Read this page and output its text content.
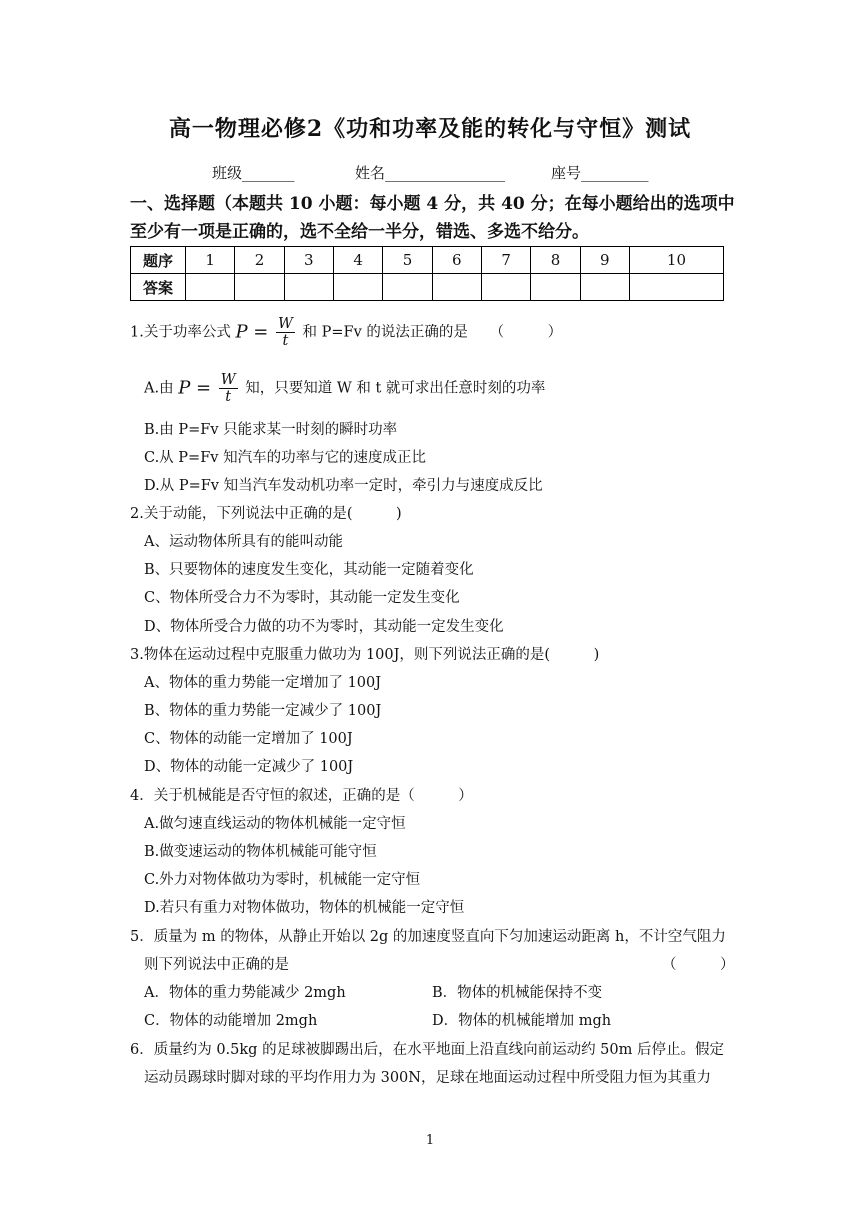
高一物理必修2《功和功率及能的转化与守恒》测试
班级_______	姓名________________	座号_________
一、选择题（本题共 10 小题：每小题 4 分，共 40 分；在每小题给出的选项中
至少有一项是正确的，选不全给一半分，错选、多选不给分。
题序	1	2	3	4	5	6	7	8	9	10
答案										
1.关于功率公式 $P = \frac{W}{t}$ 和 P=Fv 的说法正确的是　　（　　　）
A.由 $P = \frac{W}{t}$ 知，只要知道 W 和 t 就可求出任意时刻的功率
B.由 P=Fv 只能求某一时刻的瞬时功率
C.从 P=Fv 知汽车的功率与它的速度成正比
D.从 P=Fv 知当汽车发动机功率一定时，牵引力与速度成反比
2.关于动能，下列说法中正确的是(　　　)
A、运动物体所具有的能叫动能
B、只要物体的速度发生变化，其动能一定随着变化
C、物体所受合力不为零时，其动能一定发生变化
D、物体所受合力做的功不为零时，其动能一定发生变化
3.物体在运动过程中克服重力做功为 100J，则下列说法正确的是(　　　)
A、物体的重力势能一定增加了 100J
B、物体的重力势能一定减少了 100J
C、物体的动能一定增加了 100J
D、物体的动能一定减少了 100J
4．关于机械能是否守恒的叙述，正确的是（　　　）
A.做匀速直线运动的物体机械能一定守恒
B.做变速运动的物体机械能可能守恒
C.外力对物体做功为零时，机械能一定守恒
D.若只有重力对物体做功，物体的机械能一定守恒
5．质量为 m 的物体，从静止开始以 2g 的加速度竖直向下匀加速运动距离 h，不计空气阻力
则下列说法中正确的是	（　　　）
A．物体的重力势能减少 2mgh	B．物体的机械能保持不变
C．物体的动能增加 2mgh	D．物体的机械能增加 mgh
6．质量约为 0.5kg 的足球被脚踢出后，在水平地面上沿直线向前运动约 50m 后停止。假定
运动员踢球时脚对球的平均作用力为 300N，足球在地面运动过程中所受阻力恒为其重力
1
